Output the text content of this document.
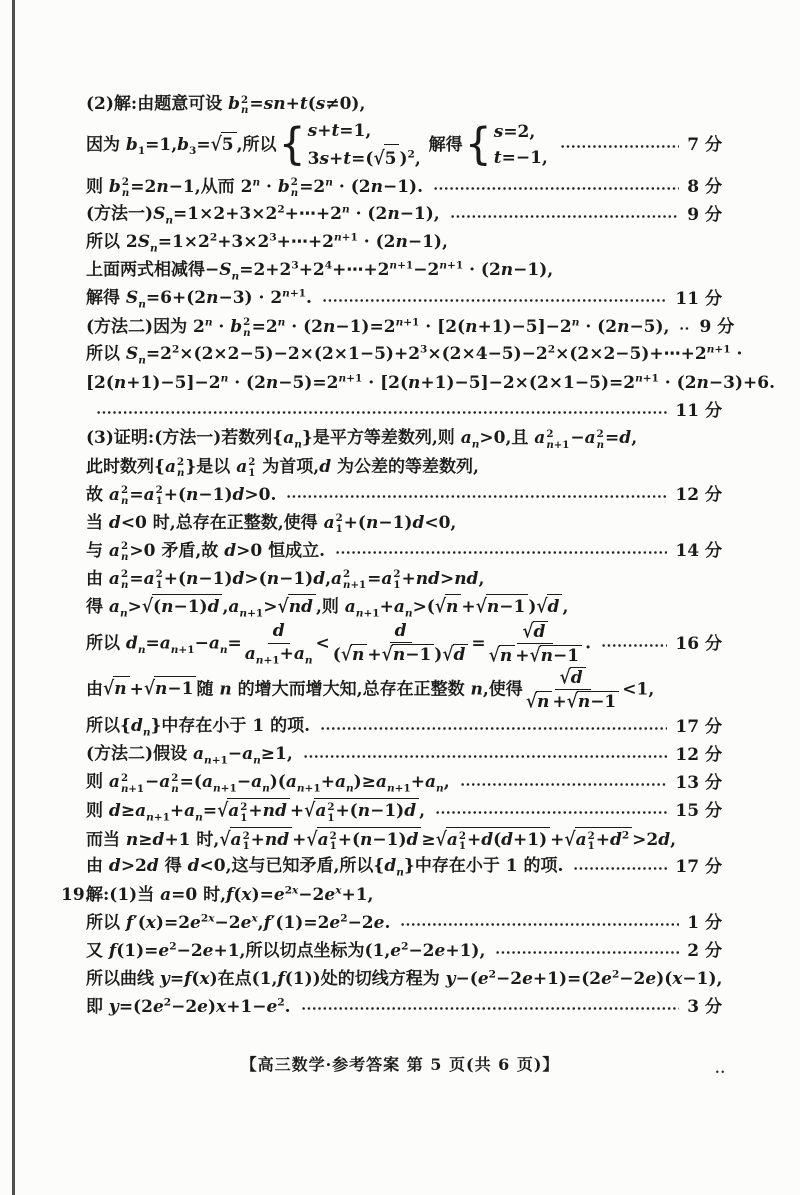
(2)解:由题意可设 b 2
n =sn+t(s≠0),
因为 $b_1=1,b_3=√5$ ,所以 { s+t=1,
3s+t=(√5 )$^2$,
解得 { s=2,
t=−1,
7 分
则 b 2
n =2n−1,从而 $2^n \cdot b$ 2
$n =2^n \cdot (2n-1)$.	8 分
(方法一)$S_n=1\times 2+3\times 2^2+\cdots+2^n \cdot (2n-1)$,	9 分
所以 $2S_n=1\times 2^2+3\times 2^3+\cdots+2^{n+1} \cdot (2n-1)$,
上面两式相减得$-S_n=2+2^3+2^4+\cdots+2^{n+1}-2^{n+1} \cdot (2n-1)$,
解得 $S_n=6+(2n-3) \cdot 2^{n+1}$.	11 分
(方法二)因为 $2^n \cdot b$ 2
$n =2^n \cdot (2n-1)=2^{n+1} \cdot [2(n+1)-5]-2^n \cdot (2n-5)$, 9 分
所以 $S_n=2^2\times(2\times 2-5)-2\times(2\times 1-5)+2^3\times(2\times 4-5)-2^2\times(2\times 2-5)+\cdots+2^{n+1}$ ·
$[2(n+1)-5]-2^n \cdot (2n-5)=2^{n+1} \cdot [2(n+1)-5]-2\times(2\times 1-5)=2^{n+1} \cdot (2n-3)+6$.
11 分
(3)证明:(方法一)若数列$\{a_n\}$是平方等差数列,则 $a_n>0$,且 a 2
n+1 −a 2
n =d,
此时数列{a 2
n }是以 a 2
1 为首项,d 为公差的等差数列,
故 a 2
n =a 2
1 +(n−1)d>0.	12 分
当 d<0 时,总存在正整数,使得 a 2
1 +(n−1)d<0,
与 a 2
n >0 矛盾,故 d>0 恒成立.	14 分
由 a 2
n =a 2
1 +(n−1)d>(n−1)d,a 2
n+1 =a 2
1 +nd>nd,
得 $a_n>√(n-1)d$ $,a_{n+1}>√nd$ ,则 $a_{n+1}+a_n>(√n +√n-1$ )√d ,
所以 $d_n=a_{n+1}-a_n= \frac{d}{a_{n+1}+a_n} < \frac{d}{(√n +√n-1 )√d} = \frac{√d}{√n +√n-1}$ .	16 分
由√n +√n−1 随 n 的增大而增大知,总存在正整数 n,使得 $\frac{√d}{√n +√n-1} <1$,
所以$\{d_n\}$中存在小于 1 的项.	17 分
(方法二)假设 $a_{n+1}-a_n\ge 1$,	12 分
则 a 2
n+1 −a 2
$n =(a_{n+1}-a_n)(a_{n+1}+a_n)\ge a_{n+1}+a_n$,	13 分
则 $d\ge a_{n+1}+a_n=√a$ 2
1 +nd +√a 2
1 +(n−1)d ,	15 分
而当 n≥d+1 时,√a 2
1 +nd +√a 2
1 +(n−1)d ≥√a 2
1 +d(d+1) +√a 2
$1 +d^2 >2d$,
由 d>2d 得 d<0,这与已知矛盾,所以$\{d_n\}$中存在小于 1 的项.	17 分
19.
解:(1)当 a=0 时$,f(x)=e^{2x}-2e^x+1$,
所以 $f'(x)=2e^{2x}-2e^x,f'(1)=2e^2-2e$.	1 分
又 $f(1)=e^2-2e+1$,所以切点坐标为$(1,e^2-2e+1)$,	2 分
所以曲线 y=f(x)在点(1,f(1))处的切线方程为 $y-(e^2-2e+1)=(2e^2-2e)(x-1)$,
即 $y=(2e^2-2e)x+1-e^2$.	3 分
【高三数学·参考答案 第 5 页(共 6 页)】	..
